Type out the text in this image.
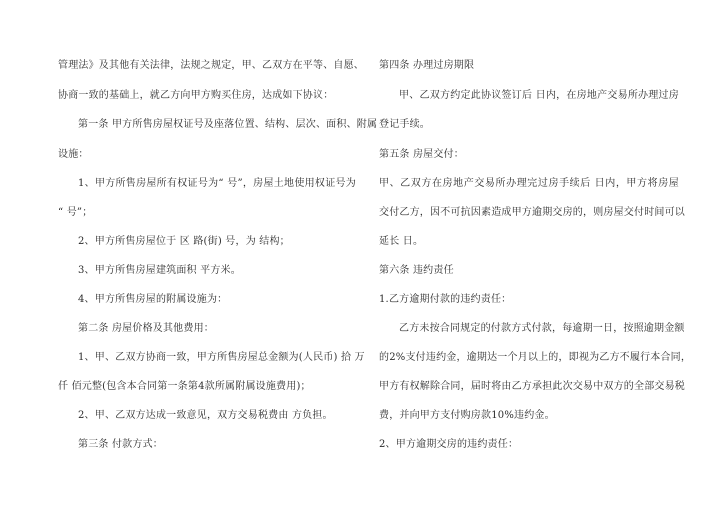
管理法》及其他有关法律，法规之规定，甲、乙双方在平等、自愿、
协商一致的基础上，就乙方向甲方购买住房，达成如下协议：
第一条 甲方所售房屋权证号及座落位置、结构、层次、面积、附属
设施：
1、甲方所售房屋所有权证号为“ 号”，房屋土地使用权证号为
“ 号”；
2、甲方所售房屋位于 区 路(街) 号，为 结构；
3、甲方所售房屋建筑面积 平方米。
4、甲方所售房屋的附属设施为：
第二条 房屋价格及其他费用：
1、甲、乙双方协商一致，甲方所售房屋总金额为(人民币) 拾 万
仟 佰元整(包含本合同第一条第4款所属附属设施费用)；
2、甲、乙双方达成一致意见，双方交易税费由 方负担。
第三条 付款方式：
第四条 办理过房期限
甲、乙双方约定此协议签订后 日内，在房地产交易所办理过房
登记手续。
第五条 房屋交付：
甲、乙双方在房地产交易所办理完过房手续后 日内，甲方将房屋
交付乙方，因不可抗因素造成甲方逾期交房的，则房屋交付时间可以
延长 日。
第六条 违约责任
1.乙方逾期付款的违约责任：
乙方未按合同规定的付款方式付款，每逾期一日，按照逾期金额
的2%支付违约金，逾期达一个月以上的，即视为乙方不履行本合同，
甲方有权解除合同，届时将由乙方承担此次交易中双方的全部交易税
费，并向甲方支付购房款10%违约金。
2、甲方逾期交房的违约责任：
